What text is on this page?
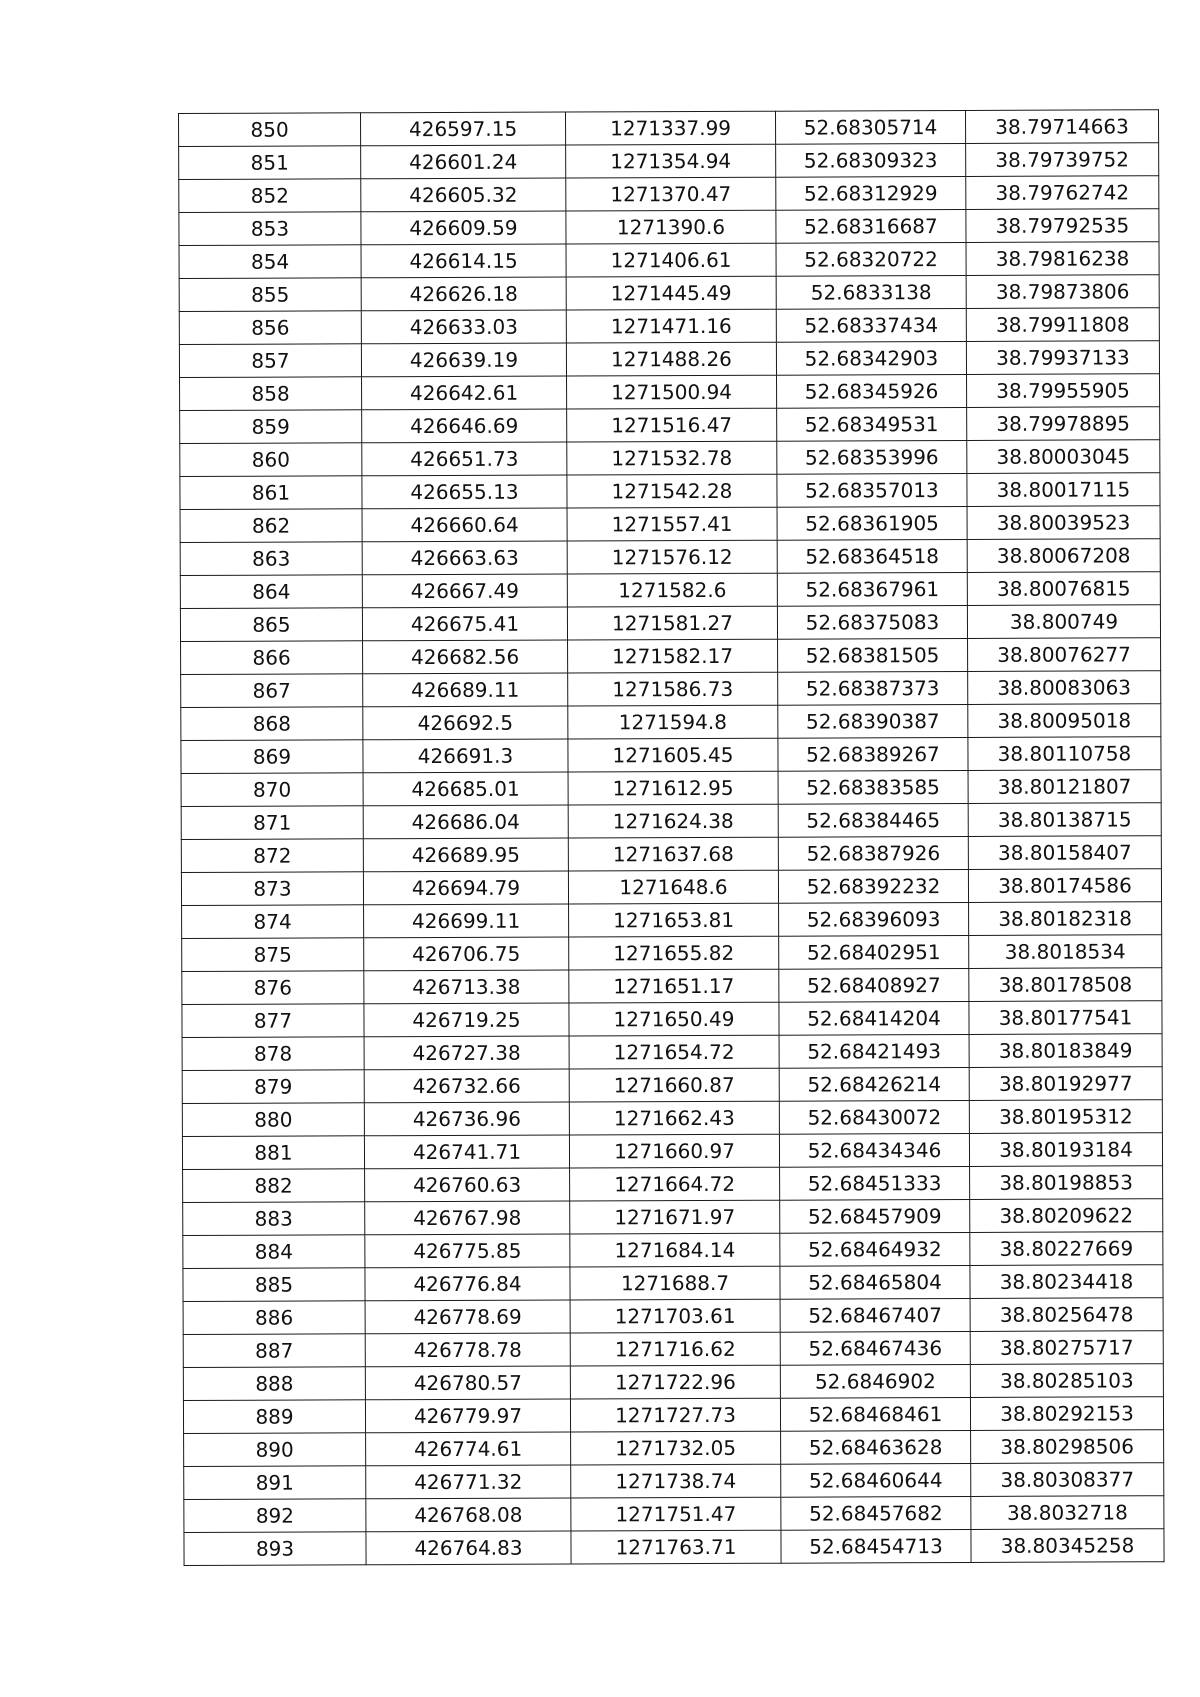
850	426597.15	1271337.99	52.68305714	38.79714663
851	426601.24	1271354.94	52.68309323	38.79739752
852	426605.32	1271370.47	52.68312929	38.79762742
853	426609.59	1271390.6	52.68316687	38.79792535
854	426614.15	1271406.61	52.68320722	38.79816238
855	426626.18	1271445.49	52.6833138	38.79873806
856	426633.03	1271471.16	52.68337434	38.79911808
857	426639.19	1271488.26	52.68342903	38.79937133
858	426642.61	1271500.94	52.68345926	38.79955905
859	426646.69	1271516.47	52.68349531	38.79978895
860	426651.73	1271532.78	52.68353996	38.80003045
861	426655.13	1271542.28	52.68357013	38.80017115
862	426660.64	1271557.41	52.68361905	38.80039523
863	426663.63	1271576.12	52.68364518	38.80067208
864	426667.49	1271582.6	52.68367961	38.80076815
865	426675.41	1271581.27	52.68375083	38.800749
866	426682.56	1271582.17	52.68381505	38.80076277
867	426689.11	1271586.73	52.68387373	38.80083063
868	426692.5	1271594.8	52.68390387	38.80095018
869	426691.3	1271605.45	52.68389267	38.80110758
870	426685.01	1271612.95	52.68383585	38.80121807
871	426686.04	1271624.38	52.68384465	38.80138715
872	426689.95	1271637.68	52.68387926	38.80158407
873	426694.79	1271648.6	52.68392232	38.80174586
874	426699.11	1271653.81	52.68396093	38.80182318
875	426706.75	1271655.82	52.68402951	38.8018534
876	426713.38	1271651.17	52.68408927	38.80178508
877	426719.25	1271650.49	52.68414204	38.80177541
878	426727.38	1271654.72	52.68421493	38.80183849
879	426732.66	1271660.87	52.68426214	38.80192977
880	426736.96	1271662.43	52.68430072	38.80195312
881	426741.71	1271660.97	52.68434346	38.80193184
882	426760.63	1271664.72	52.68451333	38.80198853
883	426767.98	1271671.97	52.68457909	38.80209622
884	426775.85	1271684.14	52.68464932	38.80227669
885	426776.84	1271688.7	52.68465804	38.80234418
886	426778.69	1271703.61	52.68467407	38.80256478
887	426778.78	1271716.62	52.68467436	38.80275717
888	426780.57	1271722.96	52.6846902	38.80285103
889	426779.97	1271727.73	52.68468461	38.80292153
890	426774.61	1271732.05	52.68463628	38.80298506
891	426771.32	1271738.74	52.68460644	38.80308377
892	426768.08	1271751.47	52.68457682	38.8032718
893	426764.83	1271763.71	52.68454713	38.80345258
